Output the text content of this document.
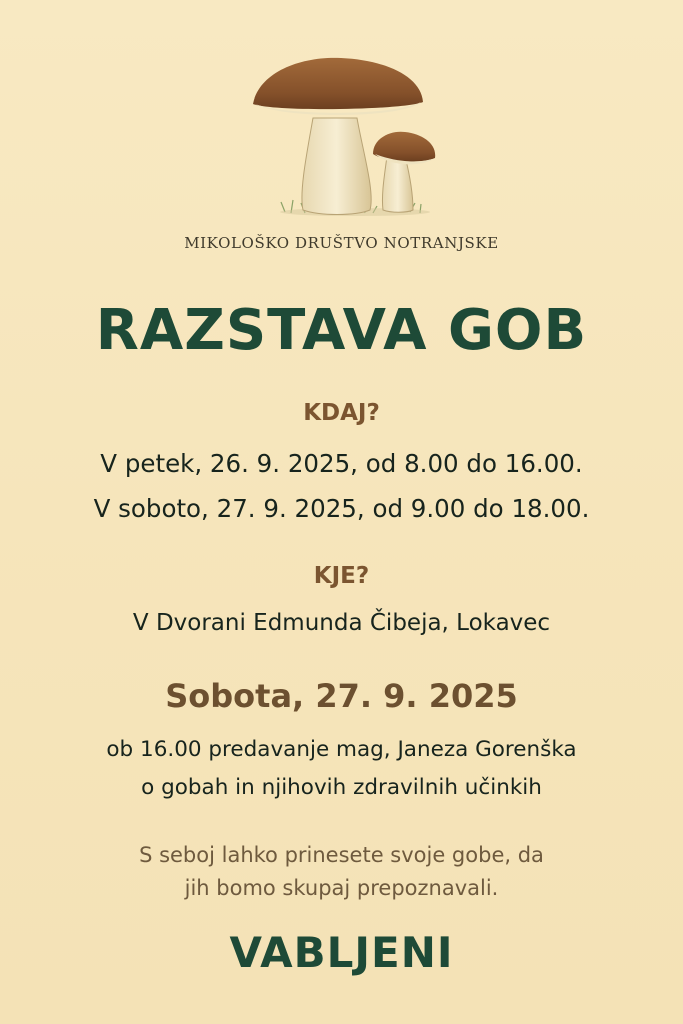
MIKOLOŠKO DRUŠTVO NOTRANJSKE
RAZSTAVA GOB
KDAJ?
V petek, 26. 9. 2025, od 8.00 do 16.00.
V soboto, 27. 9. 2025, od 9.00 do 18.00.
KJE?
V Dvorani Edmunda Čibeja, Lokavec
Sobota, 27. 9. 2025
ob 16.00 predavanje mag, Janeza Gorenška
o gobah in njihovih zdravilnih učinkih
S seboj lahko prinesete svoje gobe, da
jih bomo skupaj prepoznavali.
VABLJENI
